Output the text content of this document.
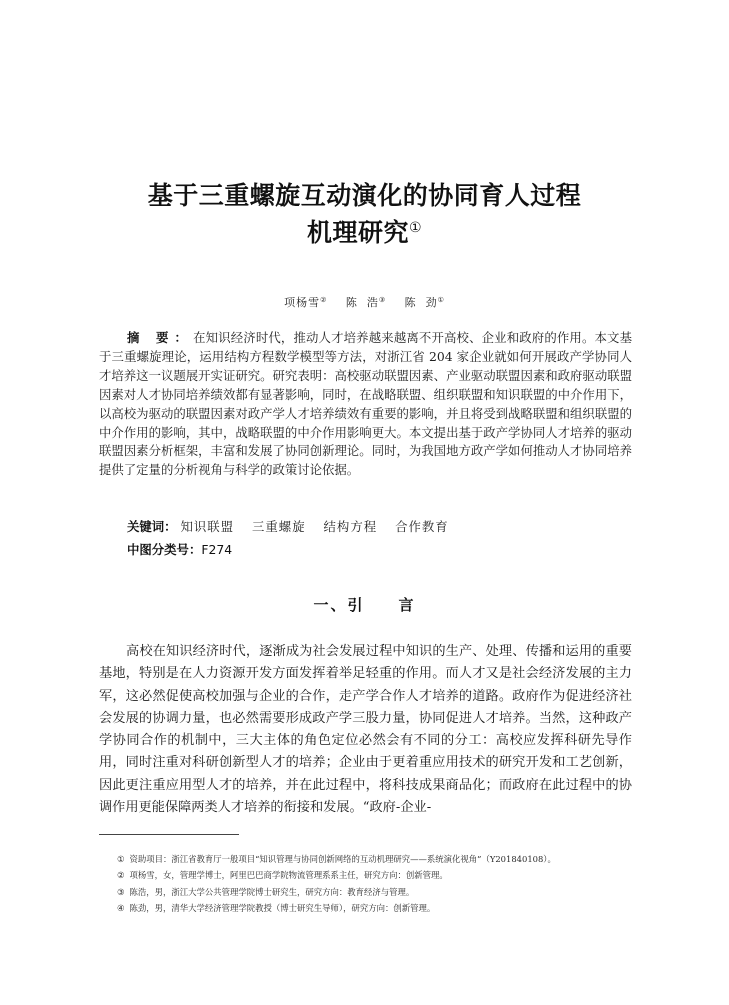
基于三重螺旋互动演化的协同育人过程
机理研究①
项杨雪② 陈  浩③ 陈  劲①

摘 要：在知识经济时代，推动人才培养越来越离不开高校、企业和政府的作用。本文基于三重螺旋理论，运用结构方程数学模型等方法，对浙江省 204 家企业就如何开展政产学协同人才培养这一议题展开实证研究。研究表明：高校驱动联盟因素、产业驱动联盟因素和政府驱动联盟因素对人才协同培养绩效都有显著影响，同时，在战略联盟、组织联盟和知识联盟的中介作用下，以高校为驱动的联盟因素对政产学人才培养绩效有重要的影响，并且将受到战略联盟和组织联盟的中介作用的影响，其中，战略联盟的中介作用影响更大。本文提出基于政产学协同人才培养的驱动联盟因素分析框架，丰富和发展了协同创新理论。同时，为我国地方政产学如何推动人才协同培养提供了定量的分析视角与科学的政策讨论依据。

关键词： 知识联盟 三重螺旋 结构方程 合作教育
中图分类号：F274
一、引 言

高校在知识经济时代，逐渐成为社会发展过程中知识的生产、处理、传播和运用的重要基地，特别是在人力资源开发方面发挥着举足轻重的作用。而人才又是社会经济发展的主力军，这必然促使高校加强与企业的合作，走产学合作人才培养的道路。政府作为促进经济社会发展的协调力量，也必然需要形成政产学三股力量，协同促进人才培养。当然，这种政产学协同合作的机制中，三大主体的角色定位必然会有不同的分工：高校应发挥科研先导作用，同时注重对科研创新型人才的培养；企业由于更着重应用技术的研究开发和工艺创新，因此更注重应用型人才的培养，并在此过程中，将科技成果商品化；而政府在此过程中的协调作用更能保障两类人才培养的衔接和发展。“政府-企业-

① 资助项目：浙江省教育厅一般项目“知识管理与协同创新网络的互动机理研究——系统演化视角”（Y201840108）。
② 项杨雪，女，管理学博士，阿里巴巴商学院物流管理系系主任，研究方向：创新管理。
③ 陈浩，男，浙江大学公共管理学院博士研究生，研究方向：教育经济与管理。
④ 陈劲，男，清华大学经济管理学院教授（博士研究生导师），研究方向：创新管理。
